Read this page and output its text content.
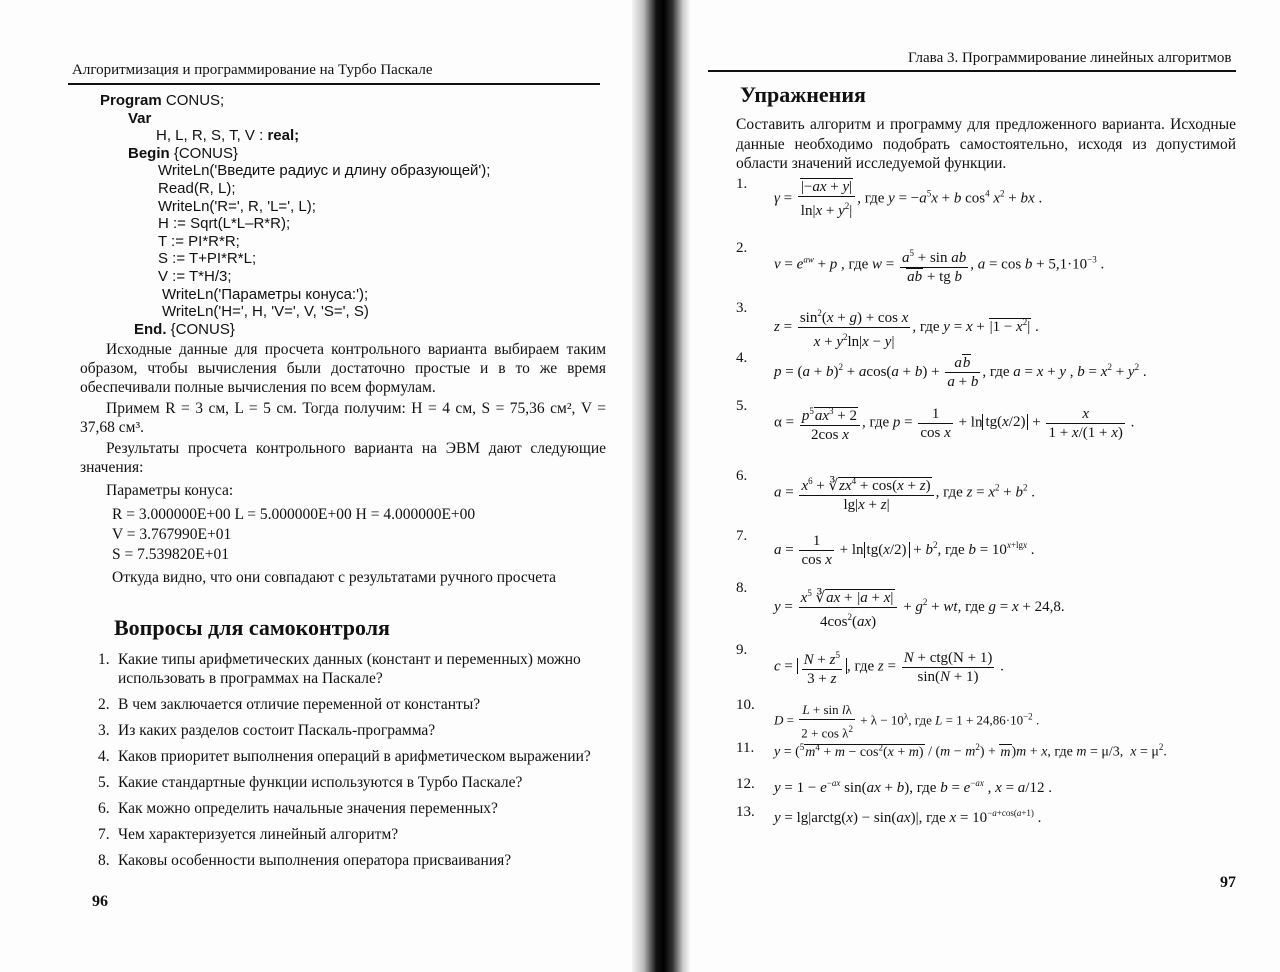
Алгоритмизация и программирование на Турбо Паскале
Program CONUS;
Var
H, L, R, S, T, V : real;
Begin {CONUS}
WriteLn('Введите радиус и длину образующей');
Read(R, L);
WriteLn('R=', R, 'L=', L);
H := Sqrt(L*L–R*R);
T := PI*R*R;
S := T+PI*R*L;
V := T*H/3;
WriteLn('Параметры конуса:');
WriteLn('H=', H, 'V=', V, 'S=', S)
End. {CONUS}

Исходные данные для просчета контрольного варианта выбираем таким образом, чтобы вычисления были достаточно простые и в то же время обеспечивали полные вычисления по всем формулам.

Примем R = 3 см, L = 5 см. Тогда получим: H = 4 см, S = 75,36 см², V = 37,68 см³.

Результаты просчета контрольного варианта на ЭВМ дают следующие значения:

Параметры конуса:

R = 3.000000E+00 L = 5.000000E+00 H = 4.000000E+00
V = 3.767990E+01
S = 7.539820E+01
Откуда видно, что они совпадают с результатами ручного просчета
Вопросы для самоконтроля
1. Какие типы арифметических данных (констант и переменных) можно использовать в программах на Паскале?
2. В чем заключается отличие переменной от константы?
3. Из каких разделов состоит Паскаль-программа?
4. Каков приоритет выполнения операций в арифметическом выражении?
5. Какие стандартные функции используются в Турбо Паскале?
6. Как можно определить начальные значения переменных?
7. Чем характеризуется линейный алгоритм?
8. Каковы особенности выполнения оператора присваивания?
96
Глава 3. Программирование линейных алгоритмов
Упражнения
Составить алгоритм и программу для предложенного варианта. Исходные данные необходимо подобрать самостоятельно, исходя из допустимой области значений исследуемой функции.
1.
$\gamma = \frac{|-ax + y|}{\ln|x + y^2|}$ , где $y = -a^5x + b$ $\cos^4 x^2$ + bx .
2.
$v = e^{aw} + p$ , где $w = \frac{a^5 + \sin ab}{\text{ab + tg b}}$ , $a = \cos b + 5,1\cdot 10^{-3}$ .
3.
$z = \frac{\sin^2(x + g) + \cos x}{x + y^2\ln|x - y|}$ , где $y = x + |1 - x^2|$ .
4.
$p = (a + b)^2 + acos(a + b) + \frac{ab}{a + b}$ , где a = x + y , $b = x^2 + y^2$ .
5.
$\alpha = \frac{p^5ax^3 + 2}{\text{2cos x}}$ , где $p = \frac{1}{\text{cos x}} + \ln tg(x/2) + \frac{x}{1 + x/(1 + x)}$ .
6.
$a = \frac{x^6 + ∛zx^4 + \cos(x + z)}{\lg|x + z|}$ , где $z = x^2 + b^2$ .
7.
$a = \frac{1}{\text{cos x}} + \ln tg(x/2) + b^2$, где $b = 10^{x+lgx}$ .
8.
$y = \frac{x^5 ∛ax + |a + x|}{4\cos^2(ax)} + g^2$ + wt, где g = x + 24,8.
9.
$c = \frac{N + z^5}{3 + z}$ , где $z = \frac{\text{N + ctg(N + 1)}}{\sin(N + 1)}$ .
10.
$D = \frac{\text{L + sin lλ}}{2 + \cos \lambda^2} + \lambda - 10^\lambda$, где $L = 1 + 24,86\cdot 10^{-2}$ .
11. $y = (^5m^4 + m - \cos^2(x + m) / (m - m^2) + m)m + x$, где m = μ/3,  $x = \mu^2$.
12. $y = 1 - e^{-ax}$ sin(ax + b), где $b = e^{-ax}$ , x = a/12 .
13. y = lg|arctg(x) − sin(ax)|, где $x = 10^{-a+cos(a+1)}$ .
97
